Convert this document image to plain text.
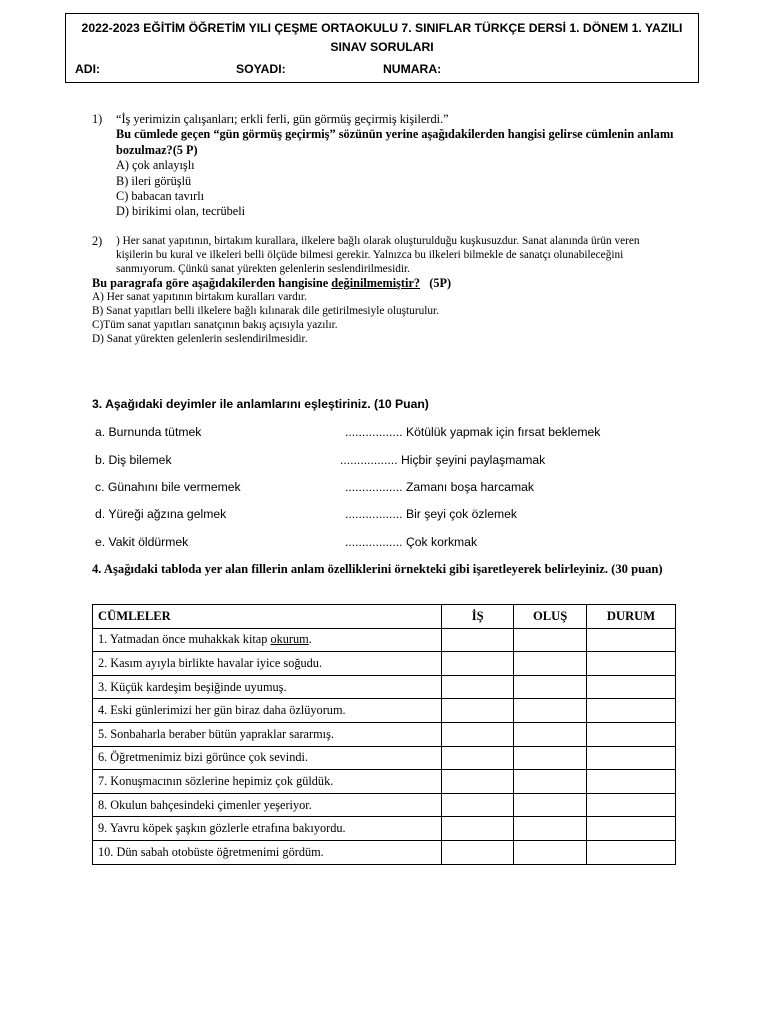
2022-2023 EĞİTİM ÖĞRETİM YILI ÇEŞME ORTAOKULU 7. SINIFLAR TÜRKÇE DERSİ 1. DÖNEM 1. YAZILI SINAV SORULARI
ADI:	SOYADI:	NUMARA:
1) “İş yerimizin çalışanları; erkli ferli, gün görmüş geçirmiş kişilerdi.”
Bu cümlede geçen “gün görmüş geçirmiş” sözünün yerine aşağıdakilerden hangisi gelirse cümlenin anlamı bozulmaz?(5 P)
A) çok anlayışlı
B) ileri görüşlü
C) babacan tavırlı
D) birikimi olan, tecrübeli
2) ) Her sanat yapıtının, birtakım kurallara, ilkelere bağlı olarak oluşturulduğu kuşkusuzdur. Sanat alanında ürün veren kişilerin bu kural ve ilkeleri belli ölçüde bilmesi gerekir. Yalnızca bu ilkeleri bilmekle de sanatçı olunabileceğini sanmıyorum. Çünkü sanat yürekten gelenlerin seslendirilmesidir.
Bu paragrafa göre aşağıdakilerden hangisine değinilmemiştir?   (5P)
A) Her sanat yapıtının birtakım kuralları vardır.
B) Sanat yapıtları belli ilkelere bağlı kılınarak dile getirilmesiyle oluşturulur.
C)Tüm sanat yapıtları sanatçının bakış açısıyla yazılır.
D) Sanat yürekten gelenlerin seslendirilmesidir.
3. Aşağıdaki deyimler ile anlamlarını eşleştiriniz. (10 Puan)
a. Burnunda tütmek	................. Kötülük yapmak için fırsat beklemek
b. Diş bilemek	................. Hiçbir şeyini paylaşmamak
c. Günahını bile vermemek	................. Zamanı boşa harcamak
d. Yüreği ağzına gelmek	................. Bir şeyi çok özlemek
e. Vakit öldürmek	................. Çok korkmak
4. Aşağıdaki tabloda yer alan fillerin anlam özelliklerini örnekteki gibi işaretleyerek belirleyiniz. (30 puan)
CÜMLELER	İŞ	OLUŞ	DURUM
1. Yatmadan önce muhakkak kitap okurum.			
2. Kasım ayıyla birlikte havalar iyice soğudu.			
3. Küçük kardeşim beşiğinde uyumuş.			
4. Eski günlerimizi her gün biraz daha özlüyorum.			
5. Sonbaharla beraber bütün yapraklar sararmış.			
6. Öğretmenimiz bizi görünce çok sevindi.			
7. Konuşmacının sözlerine hepimiz çok güldük.			
8. Okulun bahçesindeki çimenler yeşeriyor.			
9. Yavru köpek şaşkın gözlerle etrafına bakıyordu.			
10. Dün sabah otobüste öğretmenimi gördüm.			
